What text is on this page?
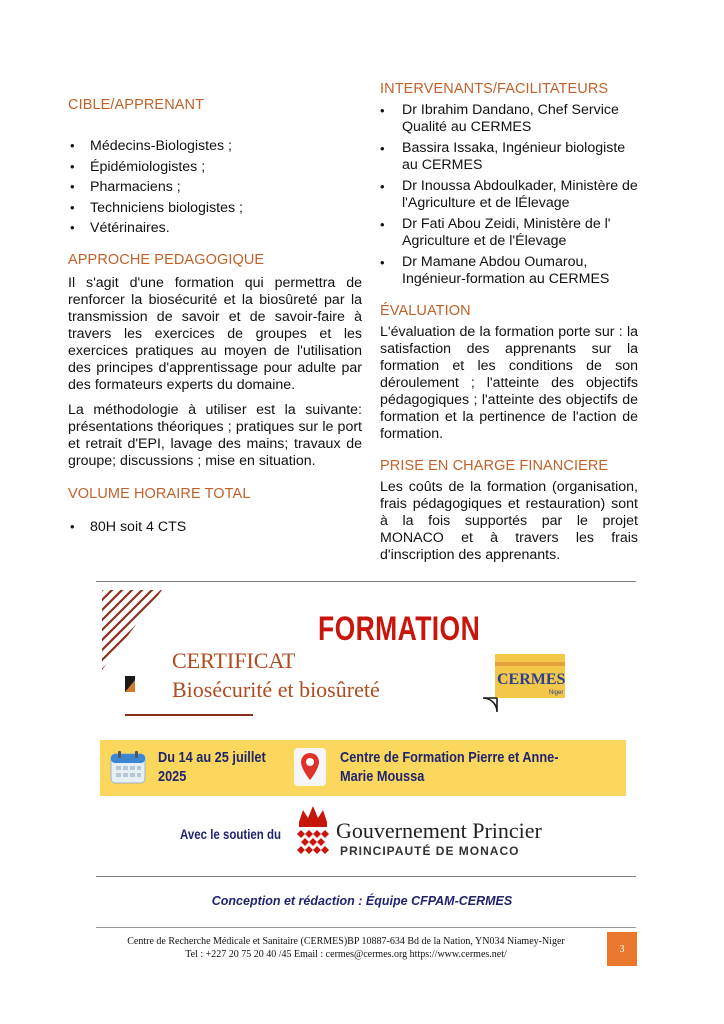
CIBLE/APPRENANT
• Médecins-Biologistes ;
• Épidémiologistes ;
• Pharmaciens ;
• Techniciens biologistes ;
• Vétérinaires.
APPROCHE PEDAGOGIQUE

Il s'agit d'une formation qui permettra de renforcer la biosécurité et la biosûreté par la transmission de savoir et de savoir-faire à travers les exercices de groupes et les exercices pratiques au moyen de l'utilisation des principes d'apprentissage pour adulte par des formateurs experts du domaine.

La méthodologie à utiliser est la suivante: présentations théoriques ; pratiques sur le port et retrait d'EPI, lavage des mains; travaux de groupe; discussions ; mise en situation.

VOLUME HORAIRE TOTAL
• 80H soit 4 CTS
INTERVENANTS/FACILITATEURS
• Dr Ibrahim Dandano, Chef Service Qualité au CERMES
• Bassira Issaka, Ingénieur biologiste au CERMES
• Dr Inoussa Abdoulkader, Ministère de l'Agriculture et de lÉlevage
• Dr Fati Abou Zeidi, Ministère de l' Agriculture et de l'Élevage
• Dr Mamane Abdou Oumarou, Ingénieur-formation au CERMES
ÉVALUATION

L'évaluation de la formation porte sur : la satisfaction des apprenants sur la formation et les conditions de son déroulement ; l'atteinte des objectifs pédagogiques ; l'atteinte des objectifs de formation et la pertinence de l'action de formation.

PRISE EN CHARGE FINANCIERE

Les coûts de la formation (organisation, frais pédagogiques et restauration) sont à la fois supportés par le projet MONACO et à travers les frais d'inscription des apprenants.

FORMATION
CERTIFICAT
Biosécurité et biosûreté	CERMES
Niger
Du 14 au 25 juillet
2025
Centre de Formation Pierre et Anne-
Marie Moussa
Avec le soutien du Gouvernement Princier
PRINCIPAUTÉ DE MONACO
Conception et rédaction : Équipe CFPAM-CERMES
Centre de Recherche Médicale et Sanitaire (CERMES)BP 10887-634 Bd de la Nation, YN034 Niamey-Niger
Tel : +227 20 75 20 40 /45 Email : cermes@cermes.org https://www.cermes.net/	3
